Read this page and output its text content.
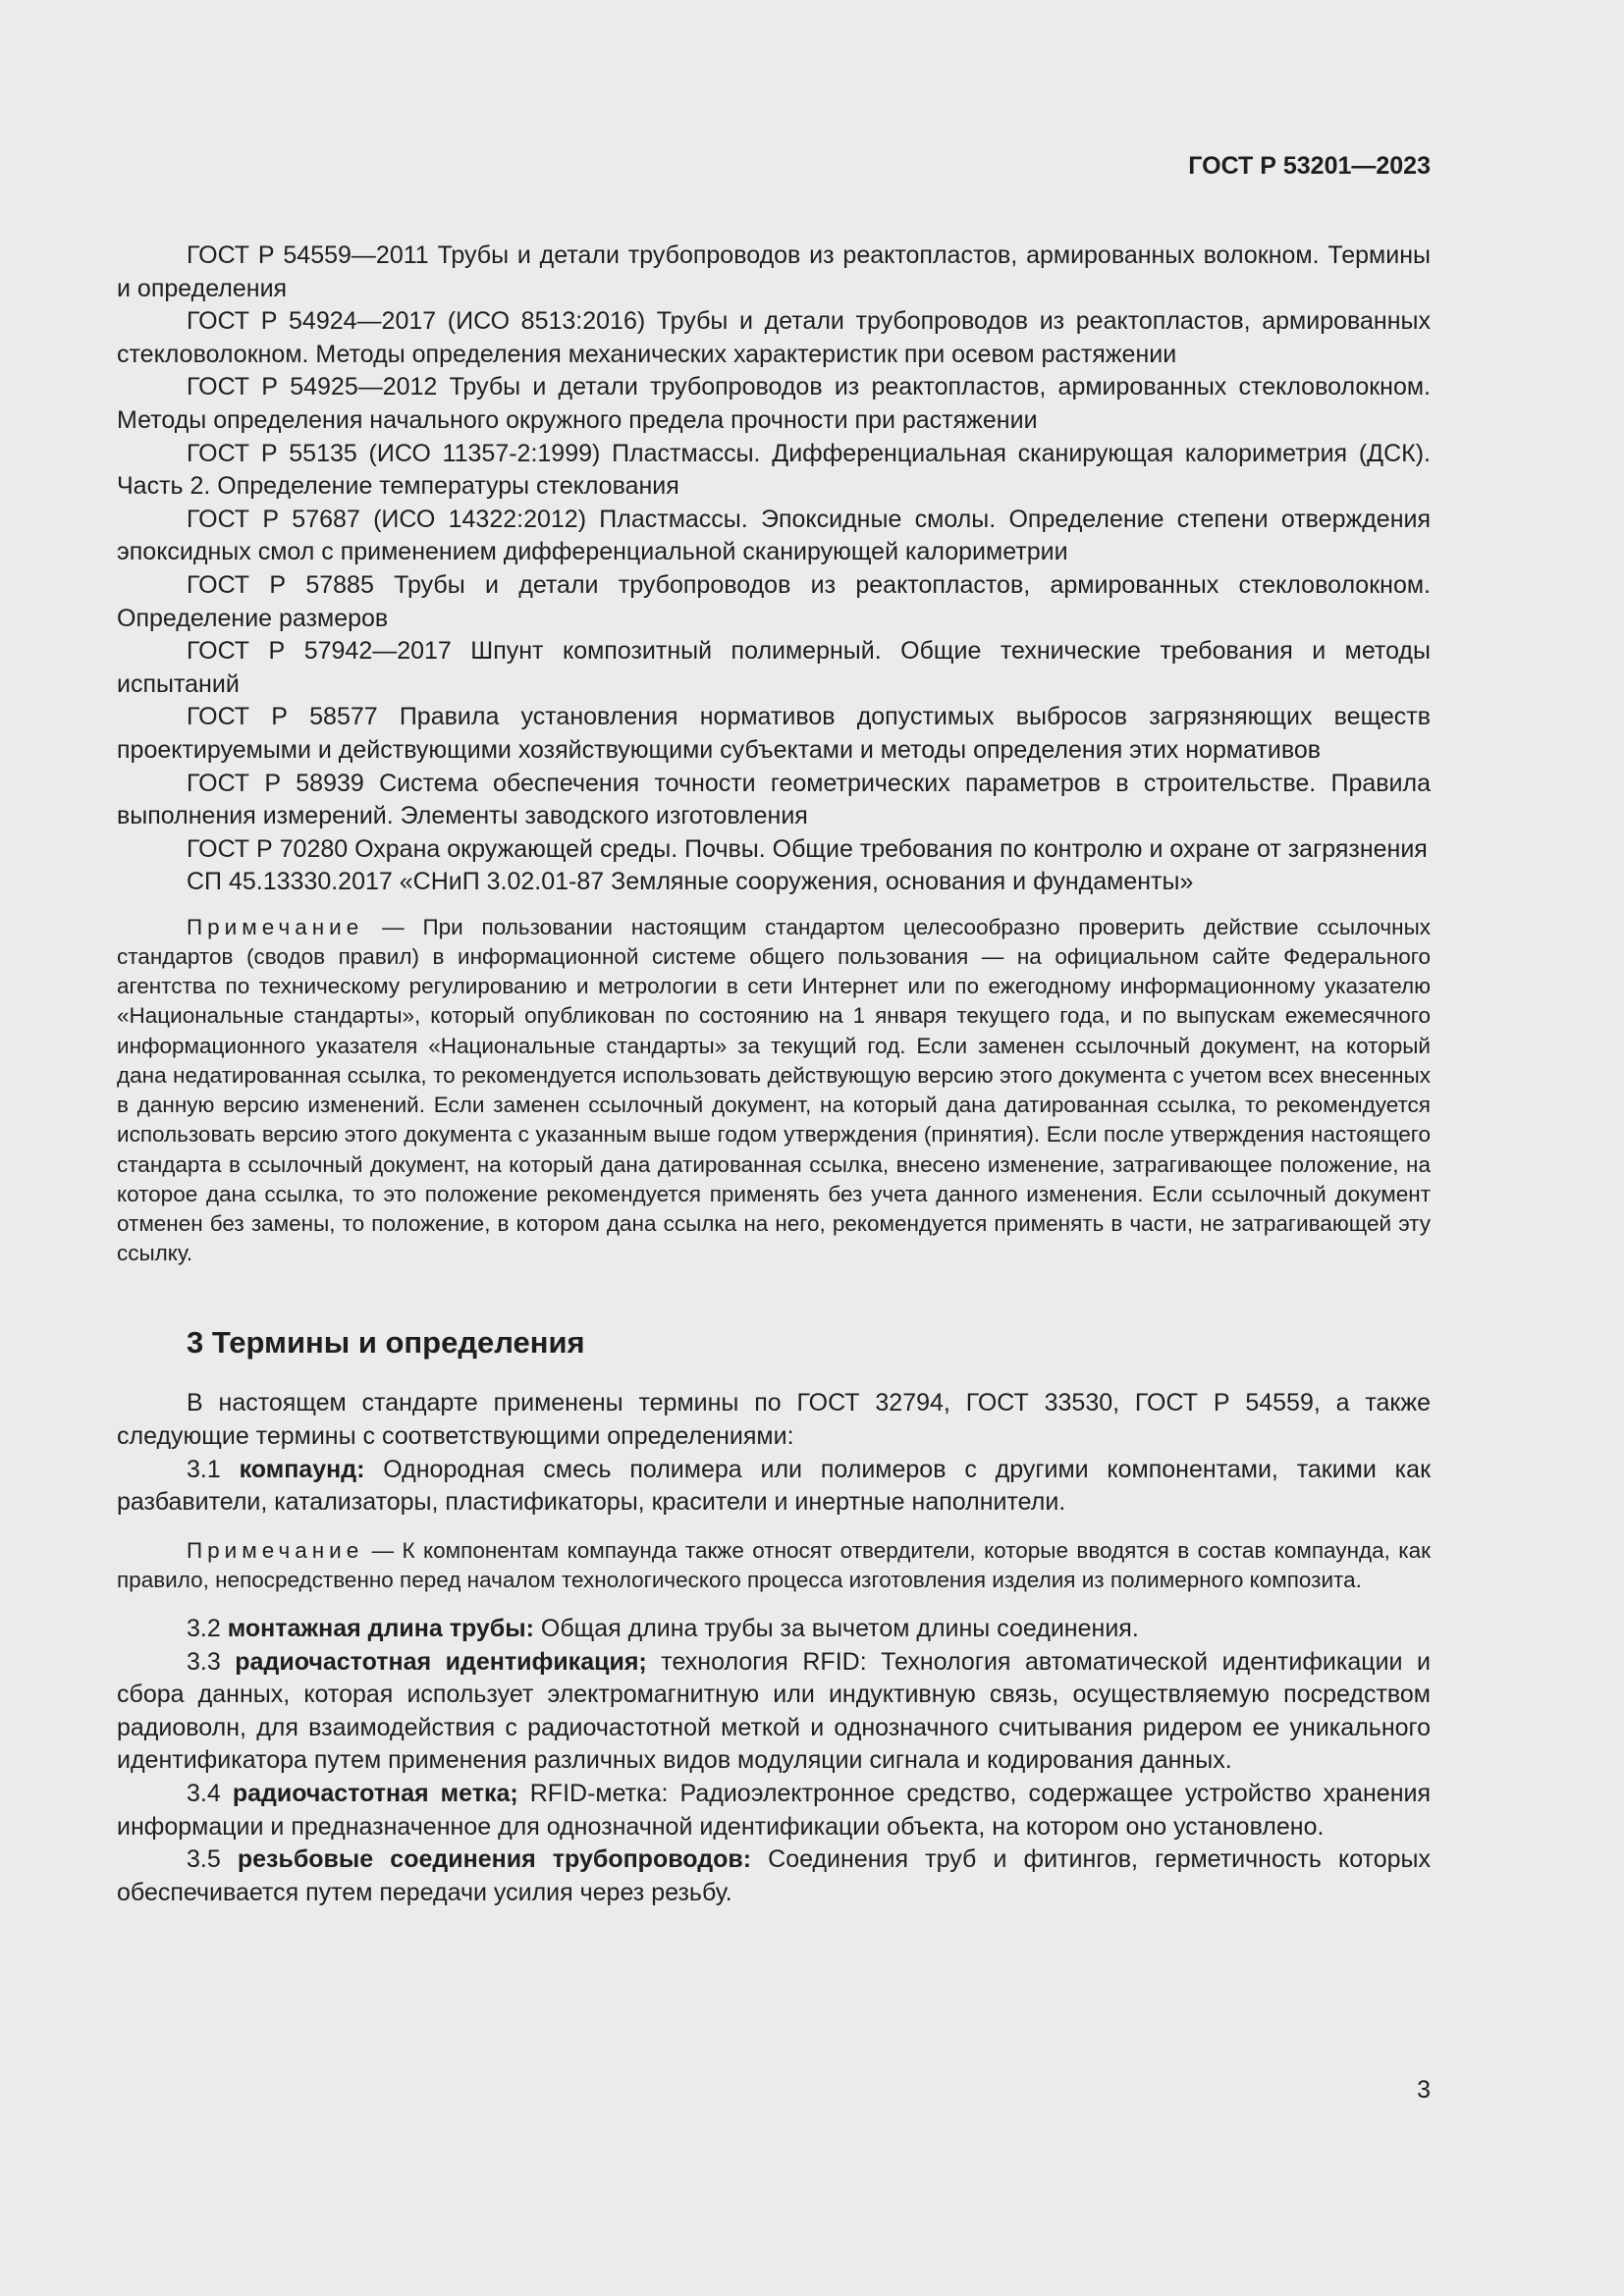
ГОСТ Р 53201—2023

ГОСТ Р 54559—2011 Трубы и детали трубопроводов из реактопластов, армированных волокном. Термины и определения

ГОСТ Р 54924—2017 (ИСО 8513:2016) Трубы и детали трубопроводов из реактопластов, армированных стекловолокном. Методы определения механических характеристик при осевом растяжении

ГОСТ Р 54925—2012 Трубы и детали трубопроводов из реактопластов, армированных стекловолокном. Методы определения начального окружного предела прочности при растяжении

ГОСТ Р 55135 (ИСО 11357-2:1999) Пластмассы. Дифференциальная сканирующая калориметрия (ДСК). Часть 2. Определение температуры стеклования

ГОСТ Р 57687 (ИСО 14322:2012) Пластмассы. Эпоксидные смолы. Определение степени отверждения эпоксидных смол с применением дифференциальной сканирующей калориметрии

ГОСТ Р 57885 Трубы и детали трубопроводов из реактопластов, армированных стекловолокном. Определение размеров

ГОСТ Р 57942—2017 Шпунт композитный полимерный. Общие технические требования и методы испытаний

ГОСТ Р 58577 Правила установления нормативов допустимых выбросов загрязняющих веществ проектируемыми и действующими хозяйствующими субъектами и методы определения этих нормативов

ГОСТ Р 58939 Система обеспечения точности геометрических параметров в строительстве. Правила выполнения измерений. Элементы заводского изготовления

ГОСТ Р 70280 Охрана окружающей среды. Почвы. Общие требования по контролю и охране от загрязнения

СП 45.13330.2017 «СНиП 3.02.01-87 Земляные сооружения, основания и фундаменты»

Примечание — При пользовании настоящим стандартом целесообразно проверить действие ссылочных стандартов (сводов правил) в информационной системе общего пользования — на официальном сайте Федерального агентства по техническому регулированию и метрологии в сети Интернет или по ежегодному информационному указателю «Национальные стандарты», который опубликован по состоянию на 1 января текущего года, и по выпускам ежемесячного информационного указателя «Национальные стандарты» за текущий год. Если заменен ссылочный документ, на который дана недатированная ссылка, то рекомендуется использовать действующую версию этого документа с учетом всех внесенных в данную версию изменений. Если заменен ссылочный документ, на который дана датированная ссылка, то рекомендуется использовать версию этого документа с указанным выше годом утверждения (принятия). Если после утверждения настоящего стандарта в ссылочный документ, на который дана датированная ссылка, внесено изменение, затрагивающее положение, на которое дана ссылка, то это положение рекомендуется применять без учета данного изменения. Если ссылочный документ отменен без замены, то положение, в котором дана ссылка на него, рекомендуется применять в части, не затрагивающей эту ссылку.

3 Термины и определения

В настоящем стандарте применены термины по ГОСТ 32794, ГОСТ 33530, ГОСТ Р 54559, а также следующие термины с соответствующими определениями:

3.1 компаунд: Однородная смесь полимера или полимеров с другими компонентами, такими как разбавители, катализаторы, пластификаторы, красители и инертные наполнители.

Примечание — К компонентам компаунда также относят отвердители, которые вводятся в состав компаунда, как правило, непосредственно перед началом технологического процесса изготовления изделия из полимерного композита.

3.2 монтажная длина трубы: Общая длина трубы за вычетом длины соединения.

3.3 радиочастотная идентификация; технология RFID: Технология автоматической идентификации и сбора данных, которая использует электромагнитную или индуктивную связь, осуществляемую посредством радиоволн, для взаимодействия с радиочастотной меткой и однозначного считывания ридером ее уникального идентификатора путем применения различных видов модуляции сигнала и кодирования данных.

3.4 радиочастотная метка; RFID-метка: Радиоэлектронное средство, содержащее устройство хранения информации и предназначенное для однозначной идентификации объекта, на котором оно установлено.

3.5 резьбовые соединения трубопроводов: Соединения труб и фитингов, герметичность которых обеспечивается путем передачи усилия через резьбу.

3
